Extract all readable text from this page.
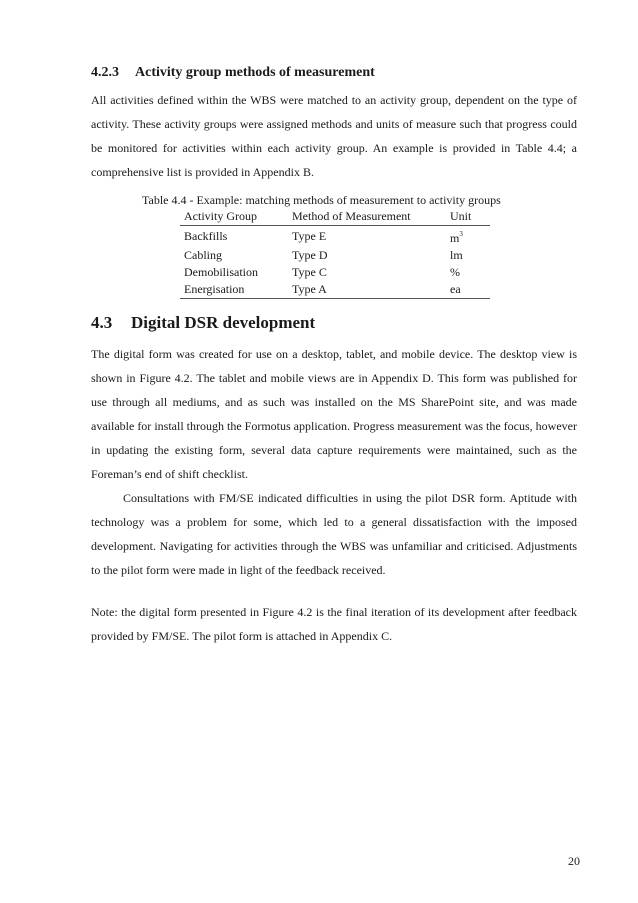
4.2.3 Activity group methods of measurement

All activities defined within the WBS were matched to an activity group, dependent on the type of activity. These activity groups were assigned methods and units of measure such that progress could be monitored for activities within each activity group. An example is provided in Table 4.4; a comprehensive list is provided in Appendix B.

Table 4.4 - Example: matching methods of measurement to activity groups
Activity Group	Method of Measurement	Unit
Backfills	Type E	$m^3$
Cabling	Type D	lm
Demobilisation	Type C	%
Energisation	Type A	ea
4.3 Digital DSR development

The digital form was created for use on a desktop, tablet, and mobile device. The desktop view is shown in Figure 4.2. The tablet and mobile views are in Appendix D. This form was published for use through all mediums, and as such was installed on the MS SharePoint site, and was made available for install through the Formotus application. Progress measurement was the focus, however in updating the existing form, several data capture requirements were maintained, such as the Foreman’s end of shift checklist.

Consultations with FM/SE indicated difficulties in using the pilot DSR form. Aptitude with technology was a problem for some, which led to a general dissatisfaction with the imposed development. Navigating for activities through the WBS was unfamiliar and criticised. Adjustments to the pilot form were made in light of the feedback received.

Note: the digital form presented in Figure 4.2 is the final iteration of its development after feedback provided by FM/SE. The pilot form is attached in Appendix C.

20
